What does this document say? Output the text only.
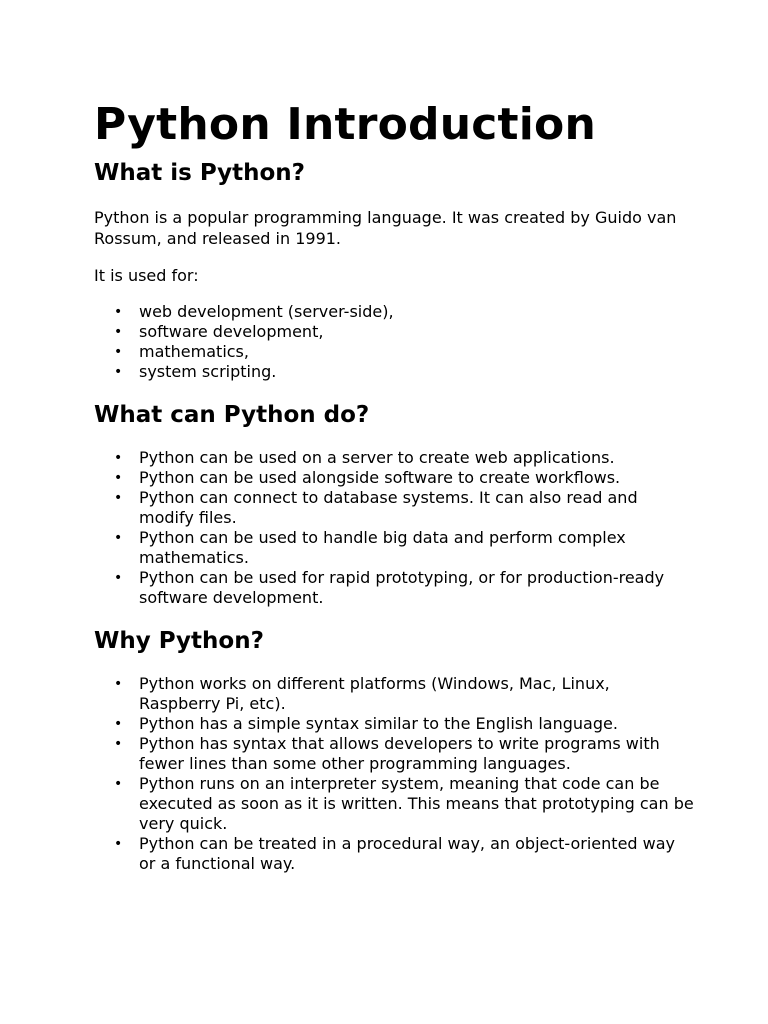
Python Introduction
What is Python?

Python is a popular programming language. It was created by Guido van Rossum, and released in 1991.

It is used for:

• web development (server-side),
• software development,
• mathematics,
• system scripting.
What can Python do?
• Python can be used on a server to create web applications.
• Python can be used alongside software to create workflows.
• Python can connect to database systems. It can also read and modify files.
• Python can be used to handle big data and perform complex mathematics.
• Python can be used for rapid prototyping, or for production-ready software development.
Why Python?
• Python works on different platforms (Windows, Mac, Linux, Raspberry Pi, etc).
• Python has a simple syntax similar to the English language.
• Python has syntax that allows developers to write programs with fewer lines than some other programming languages.
• Python runs on an interpreter system, meaning that code can be executed as soon as it is written. This means that prototyping can be very quick.
• Python can be treated in a procedural way, an object-oriented way or a functional way.
